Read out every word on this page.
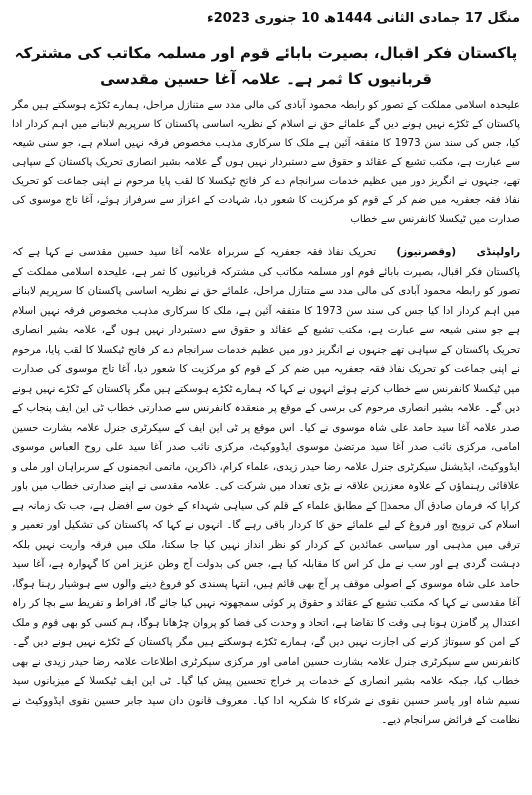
منگل 17 جمادی الثانی 1444ھ 10 جنوری 2023ء
پاکستان فکر اقبال، بصیرت بابائے قوم اور مسلمہ مکاتب کی مشترکہ قربانیوں کا ثمر ہے۔ علامہ آغا حسین مقدسی

علیحدہ اسلامی مملکت کے تصور کو رابطہ محمود آبادی کی مالی مدد سے متنازل مراحل، ہمارے ٹکڑے ہوسکتے ہیں مگر پاکستان کے ٹکڑے نہیں ہونے دیں گے علمائے حق نے اسلام کے نظریہ اساسی پاکستان کا سرپریم لابنانے میں اہم کردار ادا کیا، جس کی سند سن 1973 کا متفقہ آئین ہے ملک کا سرکاری مذہب مخصوص فرقہ نہیں اسلام ہے، جو سنی شیعہ سے عبارت ہے، مکتب تشیع کے عقائد و حقوق سے دستبردار نہیں ہوں گے علامہ بشیر انصاری تحریک پاکستان کے سپاہی تھے، جنہوں نے انگریز دور میں عظیم خدمات سرانجام دے کر فاتح ٹیکسلا کا لقب پایا مرحوم نے اپنی جماعت کو تحریک نفاذ فقہ جعفریہ میں ضم کر کے قوم کو مرکزیت کا شعور دیا، شہادت کے اعزاز سے سرفراز ہوئے، آغا تاج موسوی کی صدارت میں ٹیکسلا کانفرنس سے خطاب

راولپنڈی  (وقصرنیوز)  تحریک نفاذ فقہ جعفریہ کے سربراہ علامہ آغا سید حسین مقدسی نے کہا ہے کہ پاکستان فکر اقبال، بصیرت بابائے قوم اور مسلمہ مکاتب کی مشترکہ قربانیوں کا ثمر ہے، علیحدہ اسلامی مملکت کے تصور کو رابطہ محمود آبادی کی مالی مدد سے متنازل مراحل، علمائے حق نے نظریہ اساسی پاکستان کا سرپریم لابنانے میں اہم کردار ادا کیا جس کی سند سن 1973 کا متفقہ آئین ہے، ملک کا سرکاری مذہب مخصوص فرقہ نہیں اسلام ہے جو سنی شیعہ سے عبارت ہے، مکتب تشیع کے عقائد و حقوق سے دستبردار نہیں ہوں گے، علامہ بشیر انصاری تحریک پاکستان کے سپاہی تھے جنہوں نے انگریز دور میں عظیم خدمات سرانجام دے کر فاتح ٹیکسلا کا لقب پایا، مرحوم نے اپنی جماعت کو تحریک نفاذ فقہ جعفریہ میں ضم کر کے قوم کو مرکزیت کا شعور دیا، آغا تاج موسوی کی صدارت میں ٹیکسلا کانفرنس سے خطاب کرتے ہوئے انہوں نے کہا کہ ہمارے ٹکڑے ہوسکتے ہیں مگر پاکستان کے ٹکڑے نہیں ہونے دیں گے۔ علامہ بشیر انصاری مرحوم کی برسی کے موقع پر منعقدہ کانفرنس سے صدارتی خطاب ٹی این ایف پنجاب کے صدر علامہ آغا سید حامد علی شاہ موسوی نے کیا۔ اس موقع پر ٹی این ایف کے سیکرٹری جنرل علامہ بشارت حسین امامی، مرکزی نائب صدر آغا سید مرتضیٰ موسوی ایڈووکیٹ، مرکزی نائب صدر آغا سید علی روح العباس موسوی ایڈووکیٹ، ایڈیشنل سیکرٹری جنرل علامہ رضا حیدر زیدی، علماء کرام، ذاکرین، ماتمی انجمنوں کے سربراہان اور ملی و علاقائی رہنماؤں کے علاوہ معززین علاقہ نے بڑی تعداد میں شرکت کی۔ علامہ مقدسی نے اپنے صدارتی خطاب میں باور کرایا کہ فرمان صادق آل محمدؐ کے مطابق علماء کے قلم کی سیاہی شہداء کے خون سے افضل ہے، جب تک زمانہ ہے اسلام کی ترویج اور فروغ کے لیے علمائے حق کا کردار باقی رہے گا۔ انہوں نے کہا کہ پاکستان کی تشکیل اور تعمیر و ترقی میں مذہبی اور سیاسی عمائدین کے کردار کو نظر انداز نہیں کیا جا سکتا، ملک میں فرقہ واریت نہیں بلکہ دہشت گردی ہے اور سب نے مل کر اس کا مقابلہ کیا ہے، جس کی بدولت آج وطن عزیز امن کا گہوارہ ہے، آغا سید حامد علی شاہ موسوی کے اصولی موقف پر آج بھی قائم ہیں، انتہا پسندی کو فروغ دینے والوں سے ہوشیار رہنا ہوگا، آغا مقدسی نے کہا کہ مکتب تشیع کے عقائد و حقوق پر کوئی سمجھوتہ نہیں کیا جائے گا، افراط و تفریط سے بچا کر راہ اعتدال پر گامزن ہونا ہی وقت کا تقاضا ہے، اتحاد و وحدت کی فضا کو پروان چڑھانا ہوگا، ہم کسی کو بھی قوم و ملک کے امن کو سبوتاژ کرنے کی اجازت نہیں دیں گے، ہمارے ٹکڑے ہوسکتے ہیں مگر پاکستان کے ٹکڑے نہیں ہونے دیں گے۔ کانفرنس سے سیکرٹری جنرل علامہ بشارت حسین امامی اور مرکزی سیکرٹری اطلاعات علامہ رضا حیدر زیدی نے بھی خطاب کیا، جبکہ علامہ بشیر انصاری کے خدمات پر خراج تحسین پیش کیا گیا۔ ٹی این ایف ٹیکسلا کے میزبانوں سید نسیم شاہ اور یاسر حسین نقوی نے شرکاء کا شکریہ ادا کیا۔ معروف قانون دان سید جابر حسین نقوی ایڈووکیٹ نے نظامت کے فرائض سرانجام دیے۔
